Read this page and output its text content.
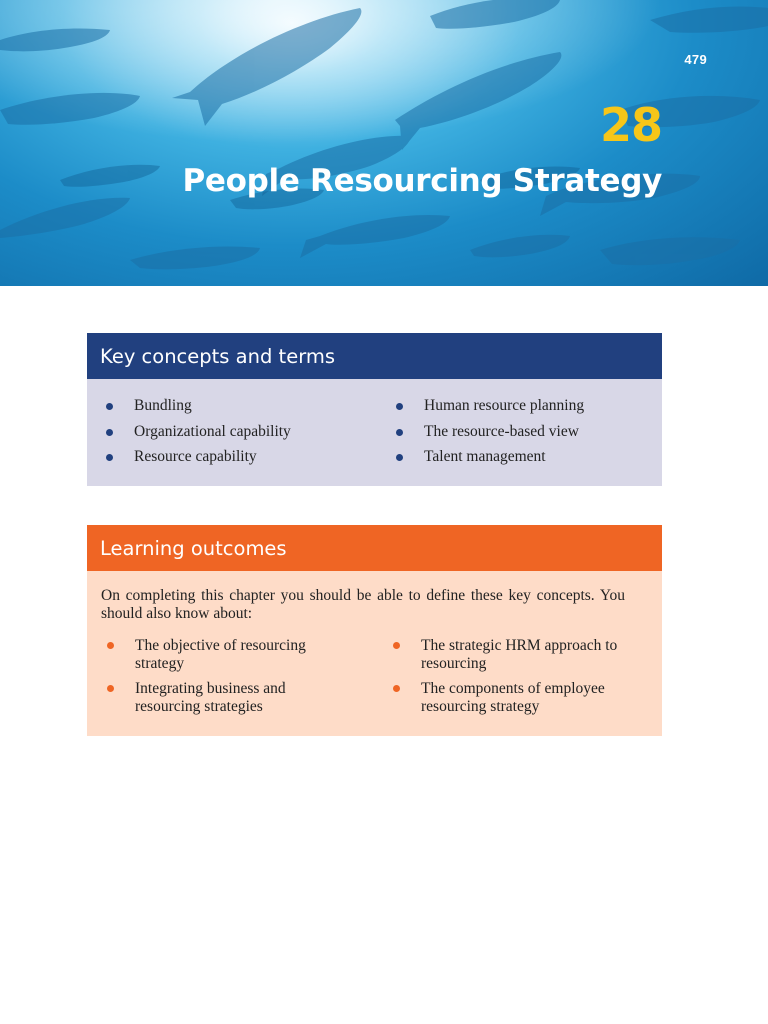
479
28
People Resourcing Strategy
Key concepts and terms
Bundling
Organizational capability
Resource capability
Human resource planning
The resource-based view
Talent management
Learning outcomes

On completing this chapter you should be able to define these key concepts. You should also know about:

The objective of resourcing
strategy
Integrating business and
resourcing strategies
The strategic HRM approach to
resourcing
The components of employee
resourcing strategy
